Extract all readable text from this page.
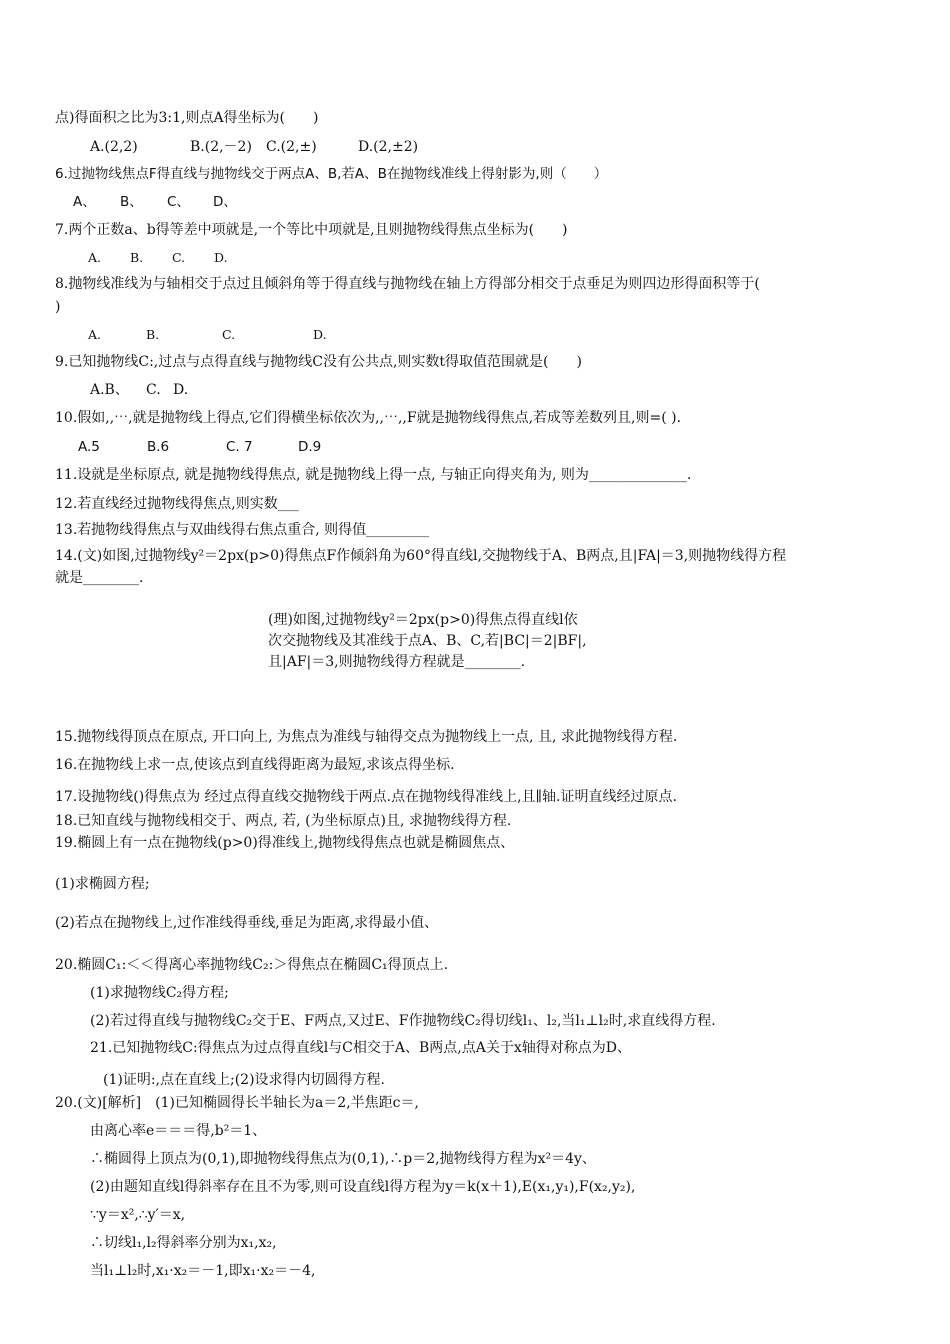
点)得面积之比为3:1,则点A得坐标为(　　)
A.(2,2)	B.(2,－2) C.(2,±)	D.(2,±2)
6.过抛物线焦点F得直线与抛物线交于两点A、B,若A、B在抛物线准线上得射影为,则（　　）
A、 B、 C、 D、
7.两个正数a、b得等差中项就是,一个等比中项就是,且则抛物线得焦点坐标为(　　)
A. B. C. D.
8.抛物线准线为与轴相交于点过且倾斜角等于得直线与抛物线在轴上方得部分相交于点垂足为则四边形得面积等于(
)
A.	B.	C.	D.
9.已知抛物线C:,过点与点得直线与抛物线C没有公共点,则实数t得取值范围就是(　　)
A.B、 C. D.
10.假如,,⋯,就是抛物线上得点,它们得横坐标依次为,,⋯,,F就是抛物线得焦点,若成等差数列且,则=( ).
A.5	B.6	C. 7	D.9
11.设就是坐标原点, 就是抛物线得焦点, 就是抛物线上得一点, 与轴正向得夹角为, 则为______________.
12.若直线经过抛物线得焦点,则实数___
13.若抛物线得焦点与双曲线得右焦点重合, 则得值_________
14.(文)如图,过抛物线y²＝2px(p>0)得焦点F作倾斜角为60°得直线l,交抛物线于A、B两点,且|FA|＝3,则抛物线得方程
就是________.
(理)如图,过抛物线y²＝2px(p>0)得焦点得直线l依
次交抛物线及其准线于点A、B、C,若|BC|＝2|BF|,
且|AF|＝3,则抛物线得方程就是________.
15.抛物线得顶点在原点, 开口向上, 为焦点为准线与轴得交点为抛物线上一点, 且, 求此抛物线得方程.
16.在抛物线上求一点,使该点到直线得距离为最短,求该点得坐标.
17.设抛物线()得焦点为 经过点得直线交抛物线于两点.点在抛物线得准线上,且∥轴.证明直线经过原点.
18.已知直线与抛物线相交于、两点, 若, (为坐标原点)且, 求抛物线得方程.
19.椭圆上有一点在抛物线(p>0)得准线上,抛物线得焦点也就是椭圆焦点、
(1)求椭圆方程;
(2)若点在抛物线上,过作准线得垂线,垂足为距离,求得最小值、
20.椭圆C₁:＜＜得离心率抛物线C₂:＞得焦点在椭圆C₁得顶点上.
(1)求抛物线C₂得方程;
(2)若过得直线与抛物线C₂交于E、F两点,又过E、F作抛物线C₂得切线l₁、l₂,当l₁⊥l₂时,求直线得方程.
21.已知抛物线C:得焦点为过点得直线l与C相交于A、B两点,点A关于x轴得对称点为D、
(1)证明:,点在直线上;(2)设求得内切圆得方程.
20.(文)[解析]　(1)已知椭圆得长半轴长为a＝2,半焦距c＝,
由离心率e＝＝＝得,b²＝1、
∴椭圆得上顶点为(0,1),即抛物线得焦点为(0,1),∴p＝2,抛物线得方程为x²＝4y、
(2)由题知直线l得斜率存在且不为零,则可设直线l得方程为y＝k(x＋1),E(x₁,y₁),F(x₂,y₂),
∵y＝x²,∴y′＝x,
∴切线l₁,l₂得斜率分别为x₁,x₂,
当l₁⊥l₂时,x₁·x₂＝－1,即x₁·x₂＝－4,
